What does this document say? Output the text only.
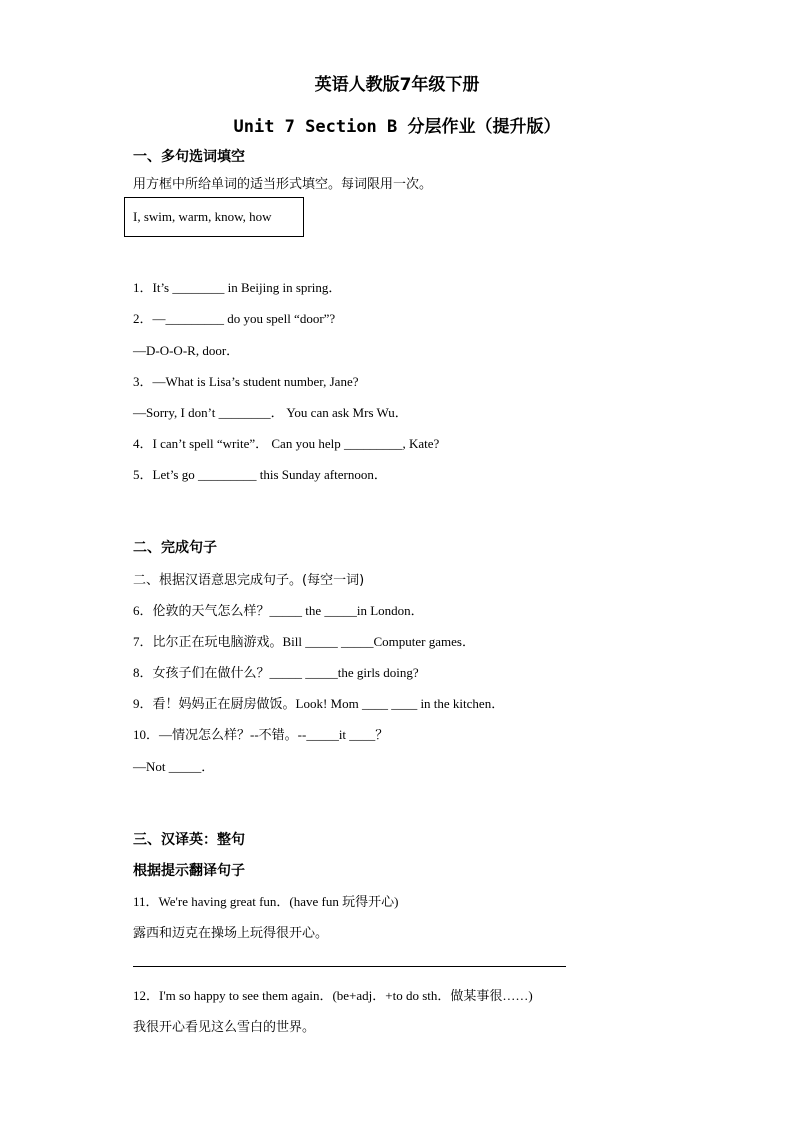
英语人教版7年级下册
Unit 7 Section B 分层作业（提升版）
一、多句选词填空
用方框中所给单词的适当形式填空。每词限用一次。
I, swim, warm, know, how
1．It’s ________ in Beijing in spring．
2．—_________ do you spell “door”?
—D-O-O-R, door．
3．—What is Lisa’s student number, Jane?
—Sorry, I don’t ________． You can ask Mrs Wu．
4．I can’t spell “write”． Can you help _________, Kate?
5．Let’s go _________ this Sunday afternoon．
二、完成句子
二、根据汉语意思完成句子。(每空一词)
6．伦敦的天气怎么样？_____ the _____in London．
7．比尔正在玩电脑游戏。Bill _____ _____Computer games．
8．女孩子们在做什么？_____ _____the girls doing?
9．看！妈妈正在厨房做饭。Look! Mom ____ ____ in the kitchen．
10．—情况怎么样？--不错。--_____it ____？
—Not _____．
三、汉译英：整句
根据提示翻译句子
11．We're having great fun．(have fun 玩得开心)
露西和迈克在操场上玩得很开心。
12．I'm so happy to see them again．(be+adj．+to do sth．做某事很……)
我很开心看见这么雪白的世界。
